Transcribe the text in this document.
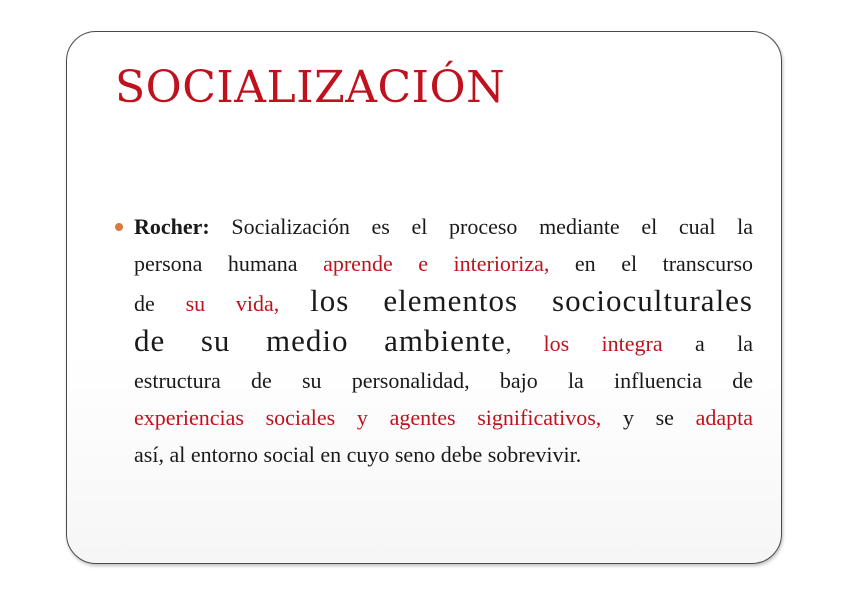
SOCIALIZACIÓN
Rocher: Socialización es el proceso mediante el cual la
persona humana aprende e interioriza, en el transcurso
de su vida, los elementos socioculturales
de su medio ambiente, los integra a la
estructura de su personalidad, bajo la influencia de
experiencias sociales y agentes significativos, y se adapta
así, al entorno social en cuyo seno debe sobrevivir.
